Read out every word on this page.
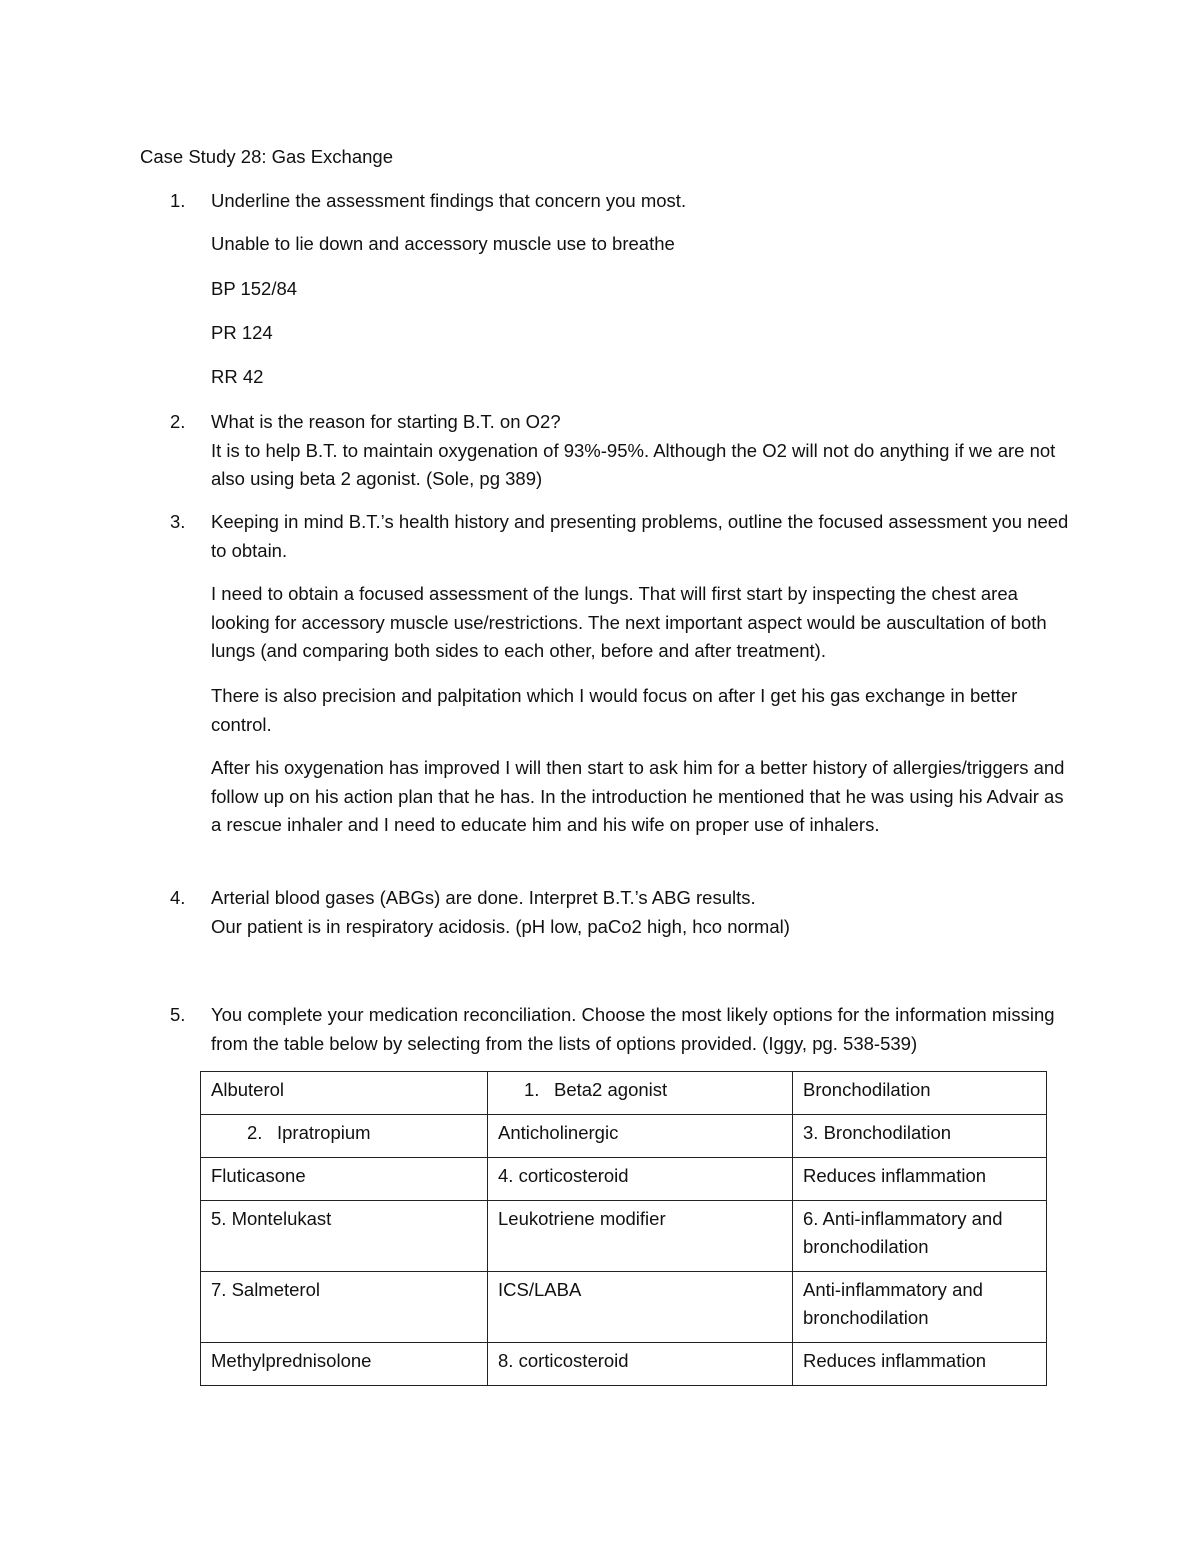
Case Study 28: Gas Exchange
1. Underline the assessment findings that concern you most.
Unable to lie down and accessory muscle use to breathe
BP 152/84
PR 124
RR 42
2. What is the reason for starting B.T. on O2?

It is to help B.T. to maintain oxygenation of 93%-95%. Although the O2 will not do anything if we are not also using beta 2 agonist. (Sole, pg 389)

3. Keeping in mind B.T.’s health history and presenting problems, outline the focused assessment you need to obtain.
I need to obtain a focused assessment of the lungs. That will first start by inspecting the chest area looking for accessory muscle use/restrictions. The next important aspect would be auscultation of both lungs (and comparing both sides to each other, before and after treatment).
There is also precision and palpitation which I would focus on after I get his gas exchange in better control.
After his oxygenation has improved I will then start to ask him for a better history of allergies/triggers and follow up on his action plan that he has. In the introduction he mentioned that he was using his Advair as a rescue inhaler and I need to educate him and his wife on proper use of inhalers.
4. Arterial blood gases (ABGs) are done. Interpret B.T.’s ABG results.

Our patient is in respiratory acidosis. (pH low, paCo2 high, hco normal)

5. You complete your medication reconciliation. Choose the most likely options for the information missing from the table below by selecting from the lists of options provided. (Iggy, pg. 538-539)
Albuterol	1. Beta2 agonist	Bronchodilation
2. Ipratropium	Anticholinergic	3. Bronchodilation
Fluticasone	4. corticosteroid	Reduces inflammation
5. Montelukast	Leukotriene modifier	6. Anti-inflammatory and bronchodilation
7. Salmeterol	ICS/LABA	Anti-inflammatory and bronchodilation
Methylprednisolone	8. corticosteroid	Reduces inflammation
